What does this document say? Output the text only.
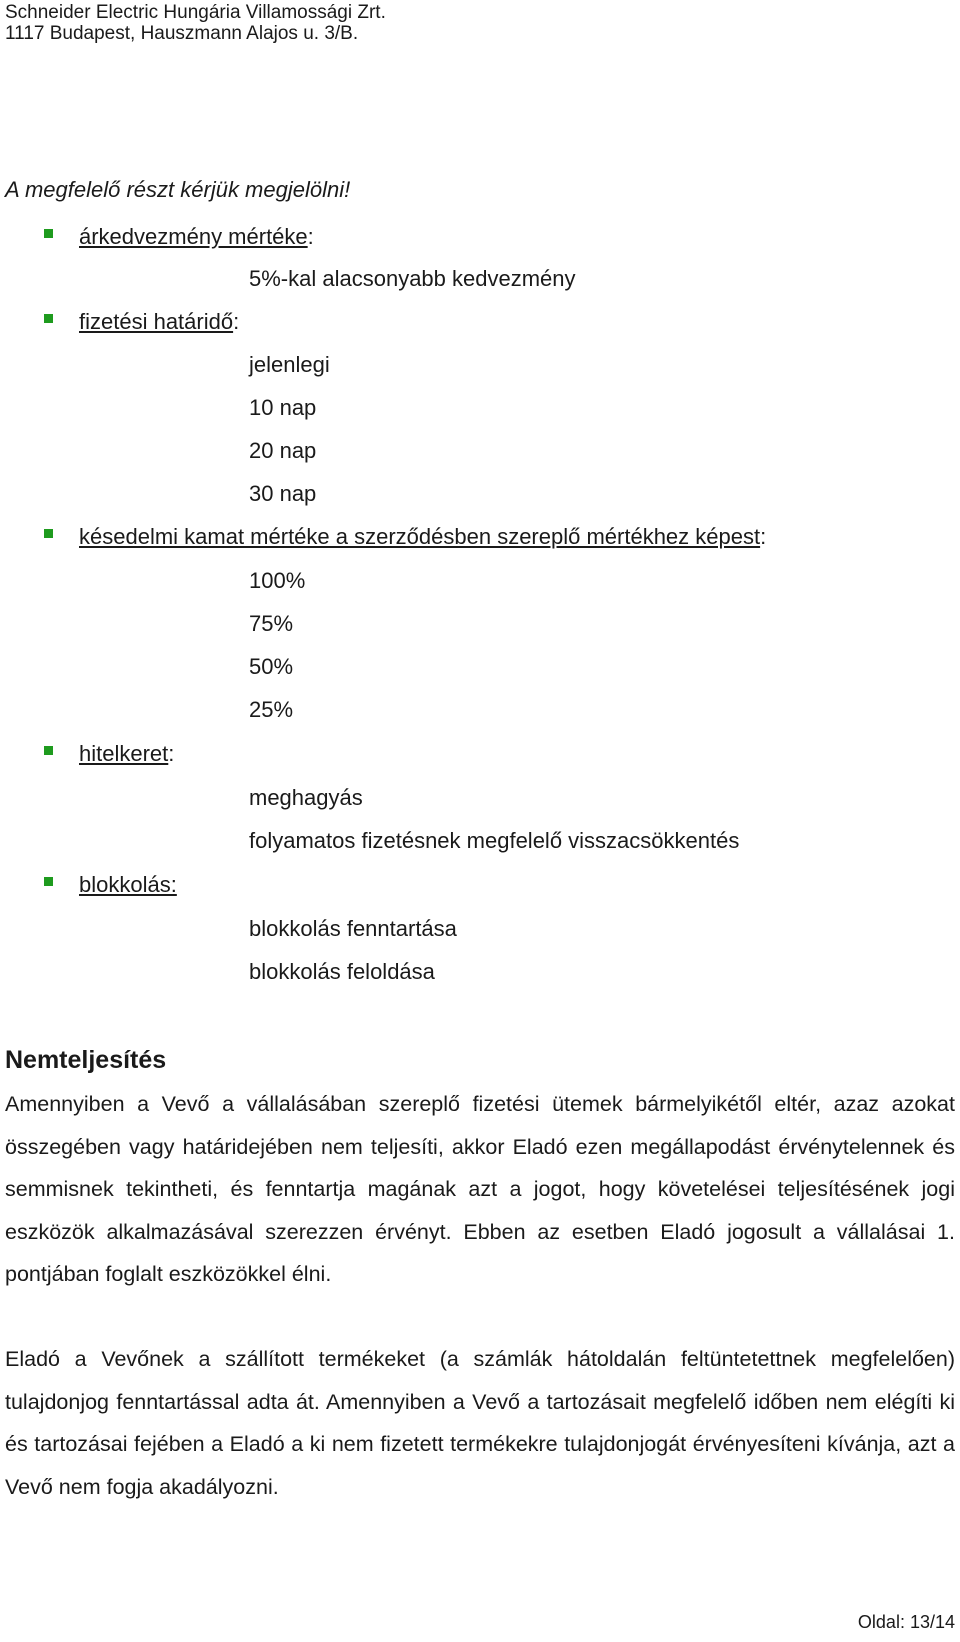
Schneider Electric Hungária Villamossági Zrt.
1117 Budapest, Hauszmann Alajos u. 3/B.
A megfelelő részt kérjük megjelölni!
árkedvezmény mértéke:
5%-kal alacsonyabb kedvezmény
fizetési határidő:
jelenlegi
10 nap
20 nap
30 nap
késedelmi kamat mértéke a szerződésben szereplő mértékhez képest:
100%
75%
50%
25%
hitelkeret:
meghagyás
folyamatos fizetésnek megfelelő visszacsökkentés
blokkolás:
blokkolás fenntartása
blokkolás feloldása
Nemteljesítés
Amennyiben a Vevő a vállalásában szereplő fizetési ütemek bármelyikétől eltér, azaz azokat összegében vagy határidejében nem teljesíti, akkor Eladó ezen megállapodást érvénytelennek és semmisnek tekintheti, és fenntartja magának azt a jogot, hogy követelései teljesítésének jogi eszközök alkalmazásával szerezzen érvényt. Ebben az esetben Eladó jogosult a vállalásai 1. pontjában foglalt eszközökkel élni.
Eladó a Vevőnek a szállított termékeket (a számlák hátoldalán feltüntetettnek megfelelően) tulajdonjog fenntartással adta át. Amennyiben a Vevő a tartozásait megfelelő időben nem elégíti ki és tartozásai fejében a Eladó a ki nem fizetett termékekre tulajdonjogát érvényesíteni kívánja, azt a Vevő nem fogja akadályozni.
Oldal: 13/14
